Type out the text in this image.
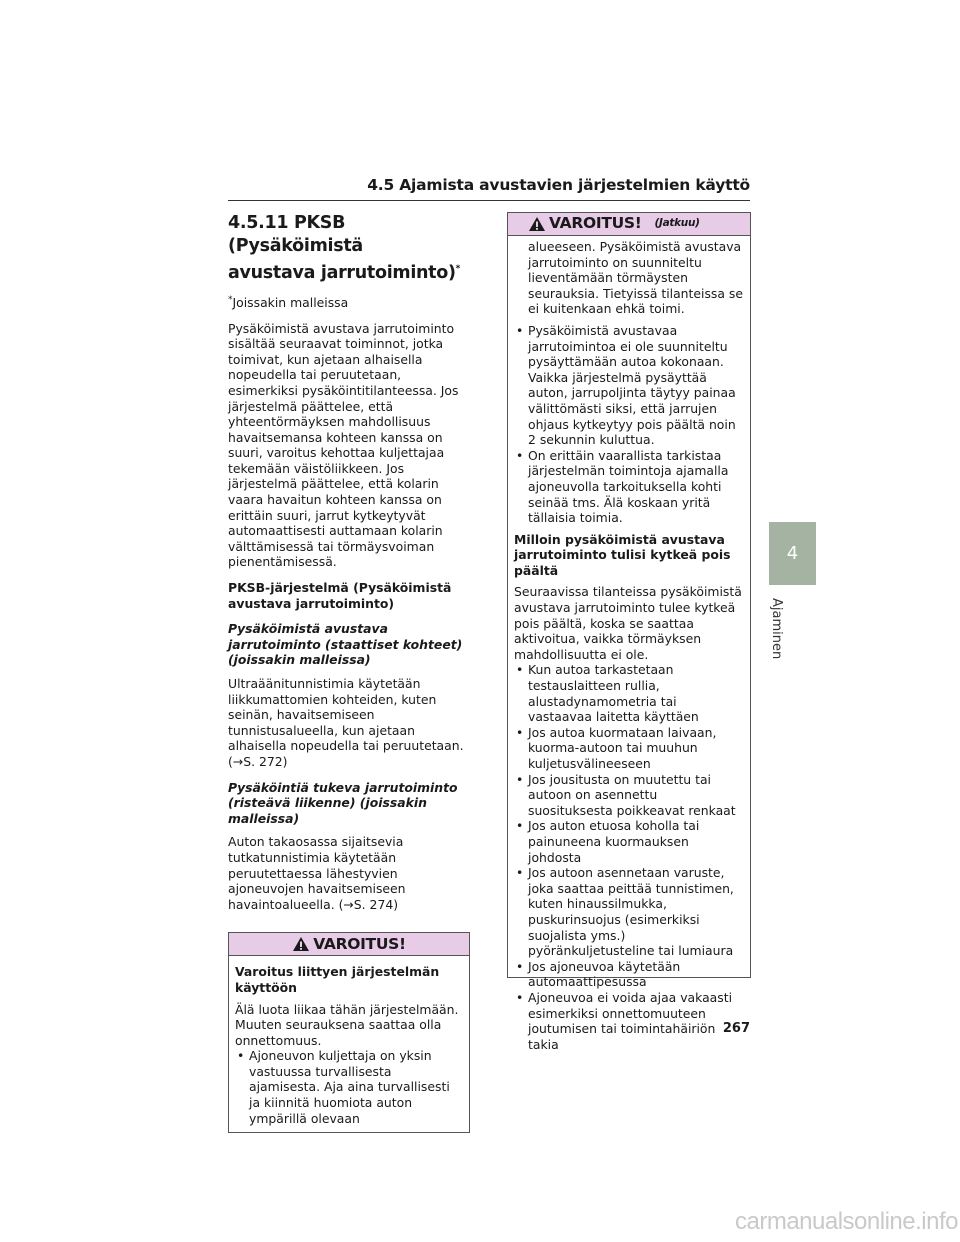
4.5 Ajamista avustavien järjestelmien käyttö
4.5.11 PKSB (Pysäköimistä
avustava jarrutoiminto)*
*Joissakin malleissa

Pysäköimistä avustava jarrutoiminto sisältää seuraavat toiminnot, jotka toimivat, kun ajetaan alhaisella nopeudella tai peruutetaan, esimerkiksi pysäköintitilanteessa. Jos järjestelmä päättelee, että yhteentörmäyksen mahdollisuus havaitsemansa kohteen kanssa on suuri, varoitus kehottaa kuljettajaa tekemään väistöliikkeen. Jos järjestelmä päättelee, että kolarin vaara havaitun kohteen kanssa on erittäin suuri, jarrut kytkeytyvät automaattisesti auttamaan kolarin välttämisessä tai törmäysvoiman pienentämisessä.

PKSB-järjestelmä (Pysäköimistä avustava jarrutoiminto)
Pysäköimistä avustava jarrutoiminto (staattiset kohteet) (joissakin malleissa)

Ultraäänitunnistimia käytetään liikkumattomien kohteiden, kuten seinän, havaitsemiseen tunnistusalueella, kun ajetaan alhaisella nopeudella tai peruutetaan. (→S. 272)

Pysäköintiä tukeva jarrutoiminto (risteävä liikenne) (joissakin malleissa)

Auton takaosassa sijaitsevia tutkatunnistimia käytetään peruutettaessa lähestyvien ajoneuvojen havaitsemiseen havaintoalueella. (→S. 274)

VAROITUS!
Varoitus liittyen järjestelmän käyttöön

Älä luota liikaa tähän järjestelmään. Muuten seurauksena saattaa olla onnettomuus.

• Ajoneuvon kuljettaja on yksin vastuussa turvallisesta ajamisesta. Aja aina turvallisesti ja kiinnitä huomiota auton ympärillä olevaan
VAROITUS! (Jatkuu)

alueeseen. Pysäköimistä avustava jarrutoiminto on suunniteltu lieventämään törmäysten seurauksia. Tietyissä tilanteissa se ei kuitenkaan ehkä toimi.

• Pysäköimistä avustavaa jarrutoimintoa ei ole suunniteltu pysäyttämään autoa kokonaan. Vaikka järjestelmä pysäyttää auton, jarrupoljinta täytyy painaa välittömästi siksi, että jarrujen ohjaus kytkeytyy pois päältä noin 2 sekunnin kuluttua.
• On erittäin vaarallista tarkistaa järjestelmän toimintoja ajamalla ajoneuvolla tarkoituksella kohti seinää tms. Älä koskaan yritä tällaisia toimia.
Milloin pysäköimistä avustava jarrutoiminto tulisi kytkeä pois päältä

Seuraavissa tilanteissa pysäköimistä avustava jarrutoiminto tulee kytkeä pois päältä, koska se saattaa aktivoitua, vaikka törmäyksen mahdollisuutta ei ole.

• Kun autoa tarkastetaan testauslaitteen rullia, alustadynamometria tai vastaavaa laitetta käyttäen
• Jos autoa kuormataan laivaan, kuorma-autoon tai muuhun kuljetusvälineeseen
• Jos jousitusta on muutettu tai autoon on asennettu suosituksesta poikkeavat renkaat
• Jos auton etuosa koholla tai painuneena kuormauksen johdosta
• Jos autoon asennetaan varuste, joka saattaa peittää tunnistimen, kuten hinaussilmukka, puskurinsuojus (esimerkiksi suojalista yms.) pyöränkuljetusteline tai lumiaura
• Jos ajoneuvoa käytetään automaattipesussa
• Ajoneuvoa ei voida ajaa vakaasti esimerkiksi onnettomuuteen joutumisen tai toimintahäiriön takia
4
Ajaminen
267
carmanualsonline.info
